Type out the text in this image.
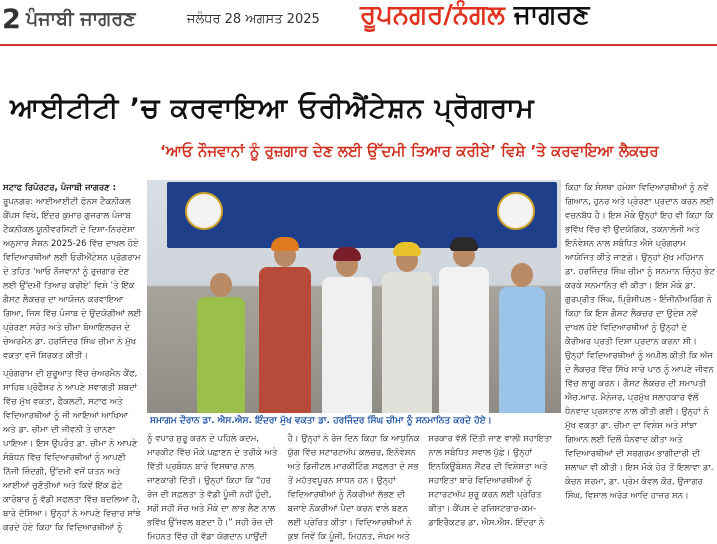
2 ਪੰਜਾਬੀ ਜਾਗਰਣ	ਜਲੰਧਰ 28 ਅਗਸਤ 2025 ਰੂਪਨਗਰ/ਨੰਗਲ ਜਾਗਰਣ
ਆਈਟੀਟੀ ’ਚ ਕਰਵਾਇਆ ਓਰੀਐਂਟੇਸ਼ਨ ਪ੍ਰੋਗਰਾਮ
‘ਆਓ ਨੌਜਵਾਨਾਂ ਨੂੰ ਰੁਜ਼ਗਾਰ ਦੇਣ ਲਈ ਉੱਦਮੀ ਤਿਆਰ ਕਰੀਏ’ ਵਿਸ਼ੇ ’ਤੇ ਕਰਵਾਇਆ ਲੈਕਚਰ

ਸਟਾਫ ਰਿਪੋਰਟਰ, ਪੰਜਾਬੀ ਜਾਗਰਣ : ਰੂਪਨਗਰ: ਆਈਆਈਟੀ ਫੋਨਸ ਟੈਕਨੀਕਲ ਕੈਂਪਸ ਵਿਖੇ, ਇੰਦਰ ਕੁਮਾਰ ਗੁਜਰਾਲ ਪੰਜਾਬ ਟੈਕਨੀਕਲ ਯੂਨੀਵਰਸਿਟੀ ਦੇ ਦਿਸ਼ਾ-ਨਿਰਦੇਸ਼ਾ ਅਨੁਸਾਰ ਸੈਸ਼ਨ 2025-26 ਵਿੱਚ ਦਾਖਲ ਹੋਏ ਵਿਦਿਆਰਥੀਆਂ ਲਈ ਓਰੀਐਂਟੇਸ਼ਨ ਪ੍ਰੋਗਰਾਮ ਦੇ ਤਹਿਤ ‘ਆਓ ਨੌਜਵਾਨਾਂ ਨੂੰ ਰੁਜ਼ਗਾਰ ਦੇਣ ਲਈ ਉੱਦਮੀ ਤਿਆਰ ਕਰੀਏ’ ਵਿਸ਼ੇ ’ਤੇ ਇੱਕ ਗੈਸਟ ਲੈਕਚਰ ਦਾ ਆਯੋਜਨ ਕਰਵਾਇਆ ਗਿਆ, ਜਿਸ ਵਿੱਚ ਪੰਜਾਬ ਦੇ ਉਦਯੋਗੀਆਂ ਲਈ ਪ੍ਰੇਰਣਾ ਸਰੋਤ ਅਤੇ ਚੀਮਾ ਬੋਆਇਲਰਜ਼ ਦੇ ਚੇਅਰਮੈਨ ਡਾ. ਹਰਜਿੰਦਰ ਸਿੰਘ ਚੀਮਾ ਨੇ ਮੁੱਖ ਵਕਤਾ ਵਜੋਂ ਸ਼ਿਰਕਤ ਕੀਤੀ।

ਪ੍ਰੋਗਰਾਮ ਦੀ ਸ਼ੁਰੂਆਤ ਵਿੱਚ ਚੇਅਰਮੈਨ ਕੈਂਫ, ਸਾਹਿਬ ਪ੍ਰੋਫੈਸਰ ਨੇ ਆਪਣੇ ਸਵਾਗਤੀ ਸ਼ਬਦਾਂ ਵਿੱਚ ਮੁੱਖ ਵਕਤਾ, ਫੈਕਲਟੀ, ਸਟਾਫ ਅਤੇ ਵਿਦਿਆਰਥੀਆਂ ਨੂੰ ਜੀ ਆਇਆਂ ਆਖਿਆ ਅਤੇ ਡਾ. ਚੀਮਾ ਦੀ ਜੀਵਨੀ ਤੇ ਚਾਨਣਾ ਪਾਇਆ। ਇਸ ਉਪਰੰਤ ਡਾ. ਚੀਮਾ ਨੇ ਆਪਣੇ ਸੰਬੋਧਨ ਵਿੱਚ ਵਿਦਿਆਰਥੀਆਂ ਨੂੰ ਆਪਣੀ ਨਿੱਜੀ ਜ਼ਿੰਦਗੀ, ਉੱਦਮੀ ਵਜੋਂ ਯਤਨ ਅਤੇ ਆਈਆਂ ਚੁਣੌਤੀਆਂ ਅਤੇ ਕਿਵੇਂ ਇੱਕ ਛੋਟੇ ਕਾਰੋਬਾਰ ਨੂੰ ਵੱਡੀ ਸਫਲਤਾ ਵਿੱਚ ਬਦਲਿਆ ਹੈ, ਬਾਰੇ ਦੱਸਿਆ। ਉਨ੍ਹਾਂ ਨੇ ਆਪਣੇ ਵਿਚਾਰ ਸਾਂਝੇ ਕਰਦੇ ਹੋਏ ਕਿਹਾ ਕਿ ਵਿਦਿਆਰਥੀਆਂ ਨੂੰ

ਸਮਾਗਮ ਦੌਰਾਨ ਡਾ. ਐਸ.ਐਸ. ਇੰਦਰਾ ਮੁੱਖ ਵਕਤਾ ਡਾ. ਹਰਜਿੰਦਰ ਸਿੰਘ ਚੀਮਾ ਨੂੰ ਸਨਮਾਨਿਤ ਕਰਦੇ ਹੋਏ।
ਨੂੰ ਵਪਾਰ ਸ਼ੁਰੂ ਕਰਨ ਦੇ ਪਹਿਲੇ ਕਦਮ, ਮਾਰਕੀਟ ਵਿੱਚ ਮੌਕੇ ਪਛਾਣਨ ਦੇ ਤਰੀਕੇ ਅਤੇ ਵਿੱਤੀ ਪ੍ਰਬੰਧਨ ਬਾਰੇ ਵਿਸਥਾਰ ਨਾਲ ਜਾਣਕਾਰੀ ਦਿੱਤੀ। ਉਨ੍ਹਾਂ ਕਿਹਾ ਕਿ “ਹਰ ਰੋਜ਼ ਦੀ ਸਫ਼ਲਤਾ ਤੇ ਵੱਡੀ ਪੂੰਜੀ ਨਹੀਂ ਹੁੰਦੀ, ਸਗੋਂ ਸਹੀ ਸੋਚ ਅਤੇ ਮੌਕੇ ਦਾ ਲਾਭ ਲੈਣ ਨਾਲ ਭਵਿੱਖ ਉੱਜਵਲ ਬਣਦਾ ਹੈ।” ਸਹੀ ਰੋਜ਼ ਦੀ ਮਿਹਨਤ ਵਿੱਚ ਹੀ ਵੱਡਾ ਯੋਗਦਾਨ ਪਾਉਂਦੀ ਹੈ। ਉਨ੍ਹਾਂ ਨੇ ਰੋਜ਼ ਦਿਨ ਕਿਹਾ ਕਿ ਆਧੁਨਿਕ ਯੁੱਗ ਵਿੱਚ ਸਟਾਰਟਅੱਪ ਕਲਚਰ, ਇਨੋਵੇਸ਼ਨ ਅਤੇ ਡਿਜ਼ੀਟਲ ਮਾਰਕੀਟਿੰਗ ਸਫਲਤਾ ਦੇ ਸਭ ਤੋਂ ਮਹੱਤਵਪੂਰਨ ਸਾਧਨ ਹਨ। ਉਨ੍ਹਾਂ ਵਿਦਿਆਰਥੀਆਂ ਨੂੰ ਨੌਕਰੀਆਂ ਲੱਭਣ ਦੀ ਬਜਾਏ ਨੌਕਰੀਆਂ ਪੈਦਾ ਕਰਨ ਵਾਲੇ ਬਣਨ ਲਈ ਪ੍ਰੇਰਿਤ ਕੀਤਾ। ਵਿਦਿਆਰਥੀਆਂ ਨੇ ਕੁਝ ਜਿਵੇਂ ਕਿ ਪੂੰਜੀ, ਮਿਹਨਤ, ਜੋਖਮ ਅਤੇ ਸਰਕਾਰ ਵੱਲੋਂ ਦਿੱਤੀ ਜਾਣ ਵਾਲੀ ਸਹਾਇਤਾ ਨਾਲ ਸਬੰਧਿਤ ਸਵਾਲ ਪੁੱਛੇ। ਉਨ੍ਹਾਂ ਇਨਕਿਊਬੇਸ਼ਨ ਸੈਂਟਰ ਦੀ ਵਿਸ਼ੇਸ਼ਤਾ ਅਤੇ ਸਹਾਇਤਾ ਬਾਰੇ ਵਿਦਿਆਰਥੀਆਂ ਨੂੰ ਸਟਾਰਟਅੱਪ ਸ਼ੁਰੂ ਕਰਨ ਲਈ ਪ੍ਰੇਰਿਤ ਕੀਤਾ। ਕੈਂਪਸ ਦੇ ਰਜਿਸਟਰਾਰ-ਕਮ-ਡਾਇਰੈਕਟਰ ਡਾ. ਐਸ.ਐਸ. ਇੰਦਰਾ ਨੇ

ਕਿਹਾ ਕਿ ਸੰਸਥਾ ਹਮੇਸ਼ਾ ਵਿਦਿਆਰਥੀਆਂ ਨੂੰ ਨਵੇਂ ਗਿਆਨ, ਹੁਨਰ ਅਤੇ ਪ੍ਰੇਰਣਾ ਪ੍ਰਦਾਨ ਕਰਨ ਲਈ ਵਚਨਬੱਧ ਹੈ। ਇਸ ਮੌਕੇ ਉਨ੍ਹਾਂ ਇਹ ਵੀ ਕਿਹਾ ਕਿ ਭਵਿੱਖ ਵਿੱਚ ਵੀ ਉਦਯੋਗਿਕ, ਤਕਨਾਲੋਜੀ ਅਤੇ ਇਨੋਵੇਸ਼ਨ ਨਾਲ ਸਬੰਧਿਤ ਐਸੇ ਪ੍ਰੋਗਰਾਮ ਆਯੋਜਿਤ ਕੀਤੇ ਜਾਣਗੇ। ਉਨ੍ਹਾਂ ਮੁੱਖ ਮਹਿਮਾਨ ਡਾ. ਹਰਜਿੰਦਰ ਸਿੰਘ ਚੀਮਾ ਨੂੰ ਸਨਮਾਨ ਚਿੰਨ੍ਹ ਭੇਟ ਕਰਕੇ ਸਨਮਾਨਿਤ ਵੀ ਕੀਤਾ। ਇਸ ਮੌਕੇ ਡਾ. ਗੁਰਪ੍ਰੀਤ ਸਿੰਘ, ਪ੍ਰਿੰਸੀਪਲ - ਇੰਜੀਨੀਅਰਿੰਗ ਨੇ ਕਿਹਾ ਕਿ ਇਸ ਗੈਸਟ ਲੈਕਚਰ ਦਾ ਉਦੇਸ਼ ਨਵੇਂ ਦਾਖਲ ਹੋਏ ਵਿਦਿਆਰਥੀਆਂ ਨੂੰ ਉਨ੍ਹਾਂ ਦੇ ਕੈਰੀਅਰ ਪ੍ਰਤੀ ਦਿਸ਼ਾ ਪ੍ਰਦਾਨ ਕਰਨਾ ਸੀ। ਉਨ੍ਹਾਂ ਵਿਦਿਆਰਥੀਆਂ ਨੂੰ ਅਪੀਲ ਕੀਤੀ ਕਿ ਅੱਜ ਦੇ ਲੈਕਚਰ ਵਿੱਚ ਸਿੱਖੇ ਸਾਰੇ ਪਾਠ ਨੂੰ ਆਪਣੇ ਜੀਵਨ ਵਿੱਚ ਲਾਗੂ ਕਰਨ। ਗੈਸਟ ਲੈਕਚਰ ਦੀ ਸਮਾਪਤੀ ਐਚ.ਆਰ. ਮੈਨੇਜਰ, ਪ੍ਰਮੁੱਖ ਸਲਾਹਕਾਰ ਵੱਲੋਂ ਧੰਨਵਾਦ ਪ੍ਰਸਤਾਵ ਨਾਲ ਕੀਤੀ ਗਈ। ਉਨ੍ਹਾਂ ਨੇ ਮੁੱਖ ਵਕਤਾ ਡਾ. ਚੀਮਾ ਦਾ ਵਿਸ਼ੇਸ਼ ਅਤੇ ਸਾਂਝਾ ਗਿਆਨ ਲਈ ਦਿਲੋਂ ਧੰਨਵਾਦ ਕੀਤਾ ਅਤੇ ਵਿਦਿਆਰਥੀਆਂ ਦੀ ਸਰਗਰਮ ਭਾਗੀਦਾਰੀ ਦੀ ਸ਼ਲਾਘਾ ਵੀ ਕੀਤੀ। ਇਸ ਮੌਕੇ ਹੋਰ ਤੋਂ ਇਲਾਵਾ ਡਾ. ਕੰਚਨ ਸ਼ਰਮਾ, ਡਾ. ਪ੍ਰੇਮ ਕੰਵਲ ਕੌਰ, ਉਜਾਗਰ ਸਿੰਘ, ਵਿਸ਼ਾਲ ਅਰੋੜ ਆਦਿ ਹਾਜ਼ਰ ਸਨ।
